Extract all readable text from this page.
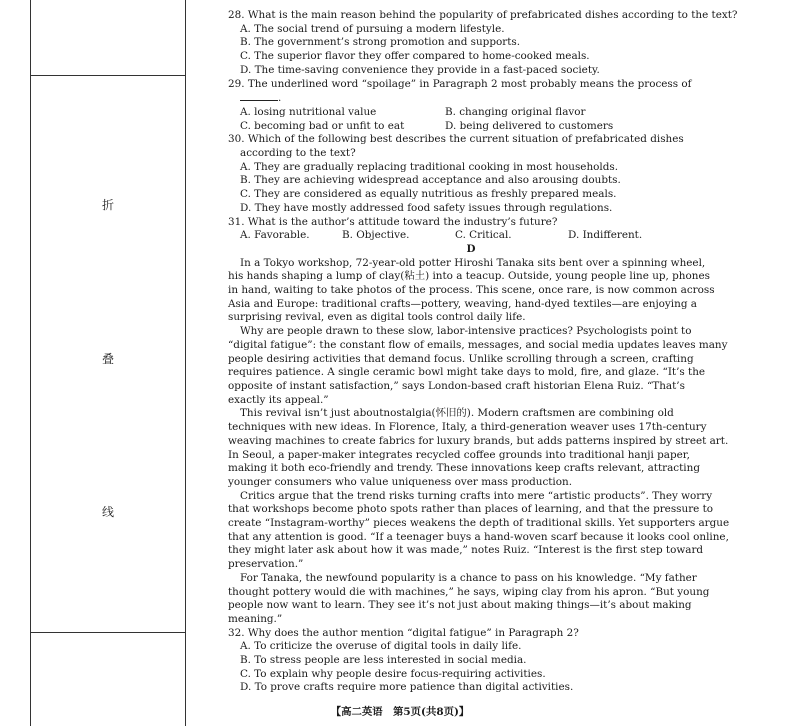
折
叠
线
28. What is the main reason behind the popularity of prefabricated dishes according to the text?
A. The social trend of pursuing a modern lifestyle.
B. The government’s strong promotion and supports.
C. The superior flavor they offer compared to home-cooked meals.
D. The time-saving convenience they provide in a fast-paced society.
29. The underlined word “spoilage” in Paragraph 2 most probably means the process of
.
A. losing nutritional value	B. changing original flavor
C. becoming bad or unfit to eat	D. being delivered to customers
30. Which of the following best describes the current situation of prefabricated dishes
according to the text?
A. They are gradually replacing traditional cooking in most households.
B. They are achieving widespread acceptance and also arousing doubts.
C. They are considered as equally nutritious as freshly prepared meals.
D. They have mostly addressed food safety issues through regulations.
31. What is the author’s attitude toward the industry’s future?
A. Favorable.	B. Objective.	C. Critical.	D. Indifferent.
D
In a Tokyo workshop, 72-year-old potter Hiroshi Tanaka sits bent over a spinning wheel,
his hands shaping a lump of clay(粘土) into a teacup. Outside, young people line up, phones
in hand, waiting to take photos of the process. This scene, once rare, is now common across
Asia and Europe: traditional crafts—pottery, weaving, hand-dyed textiles—are enjoying a
surprising revival, even as digital tools control daily life.
Why are people drawn to these slow, labor-intensive practices? Psychologists point to
“digital fatigue”: the constant flow of emails, messages, and social media updates leaves many
people desiring activities that demand focus. Unlike scrolling through a screen, crafting
requires patience. A single ceramic bowl might take days to mold, fire, and glaze. “It’s the
opposite of instant satisfaction,” says London-based craft historian Elena Ruiz. “That’s
exactly its appeal.”
This revival isn’t just aboutnostalgia(怀旧的). Modern craftsmen are combining old
techniques with new ideas. In Florence, Italy, a third-generation weaver uses 17th-century
weaving machines to create fabrics for luxury brands, but adds patterns inspired by street art.
In Seoul, a paper-maker integrates recycled coffee grounds into traditional hanji paper,
making it both eco-friendly and trendy. These innovations keep crafts relevant, attracting
younger consumers who value uniqueness over mass production.
Critics argue that the trend risks turning crafts into mere “artistic products”. They worry
that workshops become photo spots rather than places of learning, and that the pressure to
create “Instagram-worthy” pieces weakens the depth of traditional skills. Yet supporters argue
that any attention is good. “If a teenager buys a hand-woven scarf because it looks cool online,
they might later ask about how it was made,” notes Ruiz. “Interest is the first step toward
preservation.”
For Tanaka, the newfound popularity is a chance to pass on his knowledge. “My father
thought pottery would die with machines,” he says, wiping clay from his apron. “But young
people now want to learn. They see it’s not just about making things—it’s about making
meaning.”
32. Why does the author mention “digital fatigue” in Paragraph 2?
A. To criticize the overuse of digital tools in daily life.
B. To stress people are less interested in social media.
C. To explain why people desire focus-requiring activities.
D. To prove crafts require more patience than digital activities.
【高二英语　第5页(共8页)】
